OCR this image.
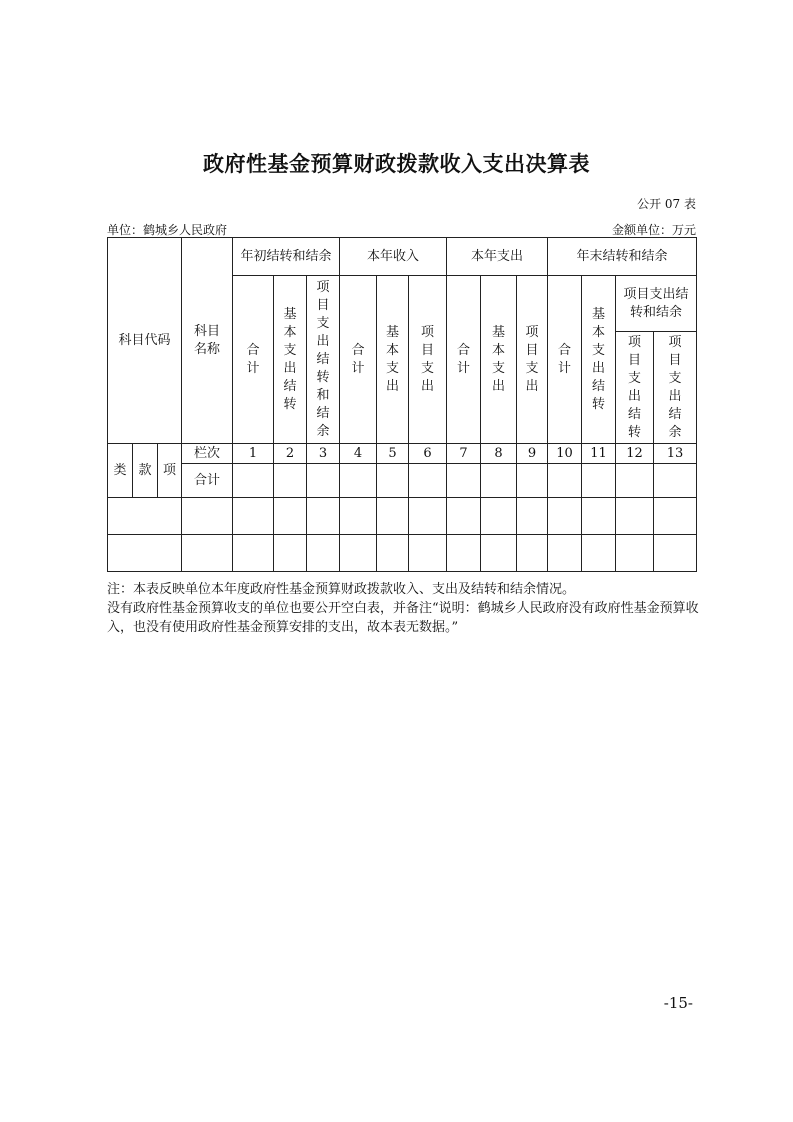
政府性基金预算财政拨款收入支出决算表
公开 07 表
单位：鹤城乡人民政府	金额单位：万元
科目代码			科目名称	年初结转和结余			本年收入			本年支出			年末结转和结余			
				合计	基本支出结转	项目支出结转和结余	合计	基本支出	项目支出	合计	基本支出	项目支出	合计	基本支出结转	项目支出结转和结余	
															项目支出结转	项目支出结余

类	款	项	栏次	1	2	3	4	5	6	7	8	9	10	11	12	13
			合计													

注：本表反映单位本年度政府性基金预算财政拨款收入、支出及结转和结余情况。

没有政府性基金预算收支的单位也要公开空白表，并备注“说明：鹤城乡人民政府没有政府性基金预算收入，也没有使用政府性基金预算安排的支出，故本表无数据。”

-15-
